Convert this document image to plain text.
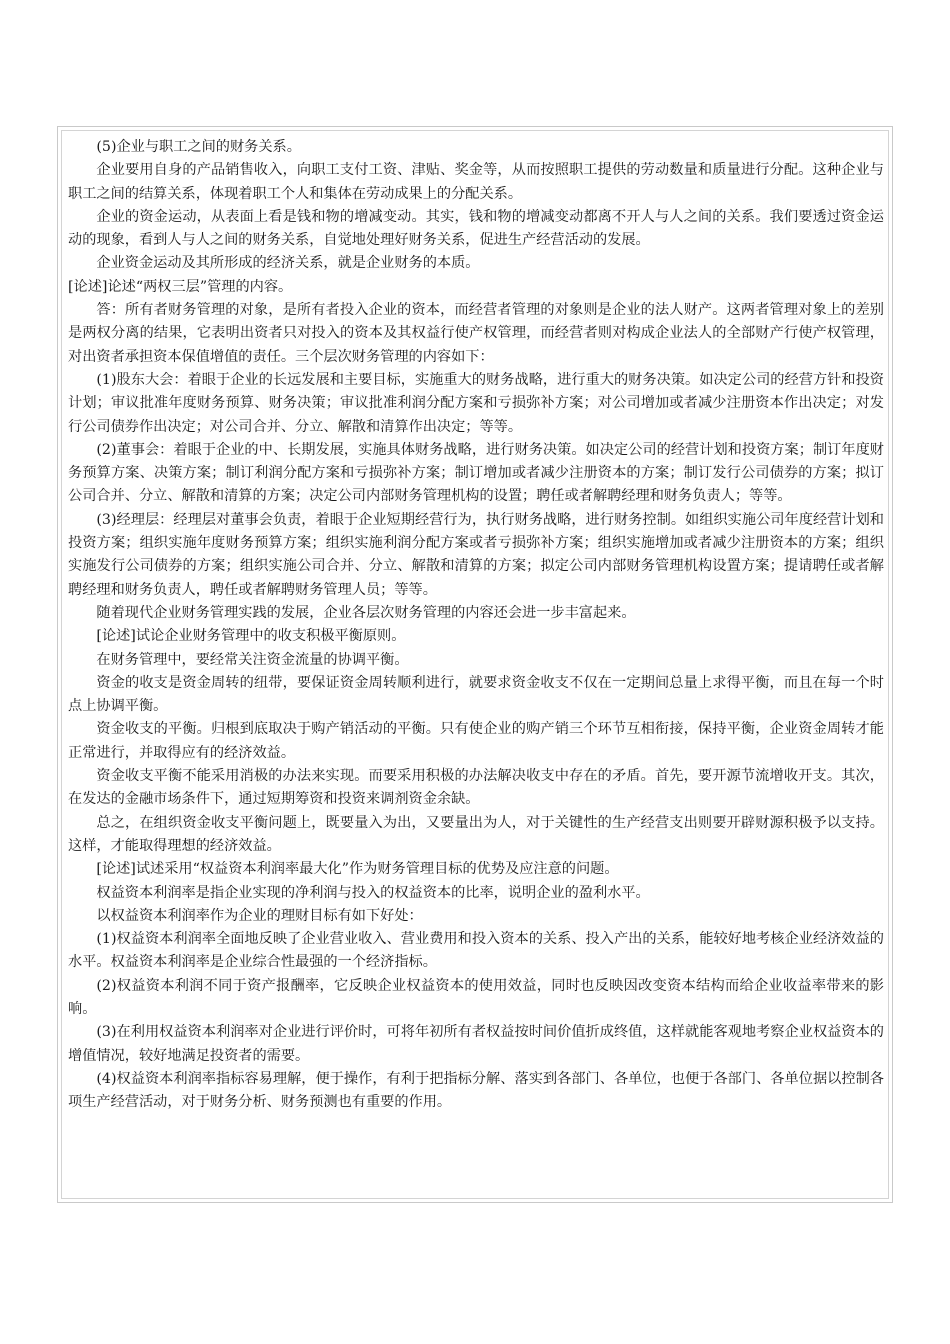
(5)企业与职工之间的财务关系。

企业要用自身的产品销售收入，向职工支付工资、津贴、奖金等，从而按照职工提供的劳动数量和质量进行分配。这种企业与职工之间的结算关系，体现着职工个人和集体在劳动成果上的分配关系。

企业的资金运动，从表面上看是钱和物的增减变动。其实，钱和物的增减变动都离不开人与人之间的关系。我们要透过资金运动的现象，看到人与人之间的财务关系，自觉地处理好财务关系，促进生产经营活动的发展。

企业资金运动及其所形成的经济关系，就是企业财务的本质。

[论述]论述“两权三层”管理的内容。

答：所有者财务管理的对象，是所有者投入企业的资本，而经营者管理的对象则是企业的法人财产。这两者管理对象上的差别是两权分离的结果，它表明出资者只对投入的资本及其权益行使产权管理，而经营者则对构成企业法人的全部财产行使产权管理，对出资者承担资本保值增值的责任。三个层次财务管理的内容如下：

(1)股东大会：着眼于企业的长远发展和主要目标，实施重大的财务战略，进行重大的财务决策。如决定公司的经营方针和投资计划；审议批准年度财务预算、财务决策；审议批准利润分配方案和亏损弥补方案；对公司增加或者减少注册资本作出决定；对发行公司债券作出决定；对公司合并、分立、解散和清算作出决定；等等。

(2)董事会：着眼于企业的中、长期发展，实施具体财务战略，进行财务决策。如决定公司的经营计划和投资方案；制订年度财务预算方案、决策方案；制订利润分配方案和亏损弥补方案；制订增加或者减少注册资本的方案；制订发行公司债券的方案；拟订公司合并、分立、解散和清算的方案；决定公司内部财务管理机构的设置；聘任或者解聘经理和财务负责人；等等。

(3)经理层：经理层对董事会负责，着眼于企业短期经营行为，执行财务战略，进行财务控制。如组织实施公司年度经营计划和投资方案；组织实施年度财务预算方案；组织实施利润分配方案或者亏损弥补方案；组织实施增加或者减少注册资本的方案；组织实施发行公司债券的方案；组织实施公司合并、分立、解散和清算的方案；拟定公司内部财务管理机构设置方案；提请聘任或者解聘经理和财务负责人，聘任或者解聘财务管理人员；等等。

随着现代企业财务管理实践的发展，企业各层次财务管理的内容还会进一步丰富起来。

[论述]试论企业财务管理中的收支积极平衡原则。

在财务管理中，要经常关注资金流量的协调平衡。

资金的收支是资金周转的纽带，要保证资金周转顺利进行，就要求资金收支不仅在一定期间总量上求得平衡，而且在每一个时点上协调平衡。

资金收支的平衡。归根到底取决于购产销活动的平衡。只有使企业的购产销三个环节互相衔接，保持平衡，企业资金周转才能正常进行，并取得应有的经济效益。

资金收支平衡不能采用消极的办法来实现。而要采用积极的办法解决收支中存在的矛盾。首先，要开源节流增收开支。其次，在发达的金融市场条件下，通过短期筹资和投资来调剂资金余缺。

总之，在组织资金收支平衡问题上，既要量入为出，又要量出为人，对于关键性的生产经营支出则要开辟财源积极予以支持。这样，才能取得理想的经济效益。

[论述]试述采用“权益资本利润率最大化”作为财务管理目标的优势及应注意的问题。

权益资本利润率是指企业实现的净利润与投入的权益资本的比率，说明企业的盈利水平。

以权益资本利润率作为企业的理财目标有如下好处：

(1)权益资本利润率全面地反映了企业营业收入、营业费用和投入资本的关系、投入产出的关系，能较好地考核企业经济效益的水平。权益资本利润率是企业综合性最强的一个经济指标。

(2)权益资本利润不同于资产报酬率，它反映企业权益资本的使用效益，同时也反映因改变资本结构而给企业收益率带来的影响。

(3)在利用权益资本利润率对企业进行评价时，可将年初所有者权益按时间价值折成终值，这样就能客观地考察企业权益资本的增值情况，较好地满足投资者的需要。

(4)权益资本利润率指标容易理解，便于操作，有利于把指标分解、落实到各部门、各单位，也便于各部门、各单位据以控制各项生产经营活动，对于财务分析、财务预测也有重要的作用。
